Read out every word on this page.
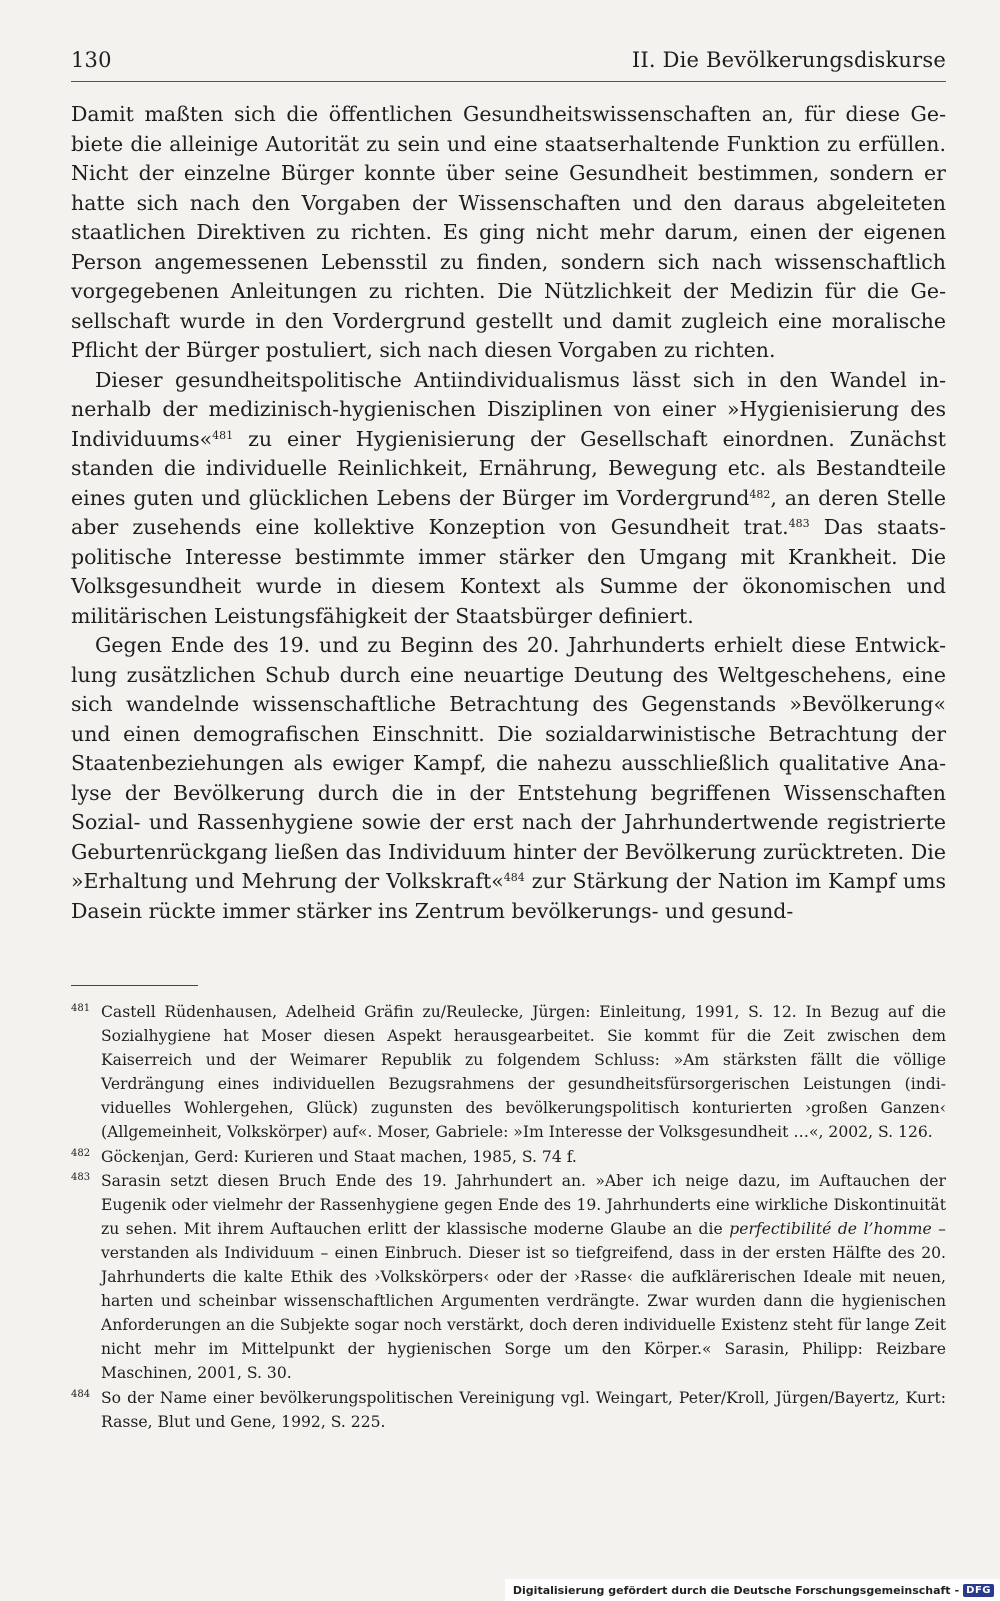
130	II. Die Bevölkerungsdiskurse

Damit maßten sich die öffentlichen Gesundheitswissenschaften an, für diese Gebiete die alleinige Autorität zu sein und eine staatserhaltende Funktion zu erfüllen. Nicht der einzelne Bürger konnte über seine Gesundheit bestimmen, sondern er hatte sich nach den Vorgaben der Wissenschaften und den daraus abgeleiteten staatlichen Direktiven zu richten. Es ging nicht mehr darum, einen der eigenen Person angemessenen Lebensstil zu finden, sondern sich nach wissenschaftlich vorgegebenen Anleitungen zu richten. Die Nützlichkeit der Medizin für die Gesellschaft wurde in den Vordergrund gestellt und damit zugleich eine moralische Pflicht der Bürger postuliert, sich nach diesen Vorgaben zu richten.

Dieser gesundheitspolitische Antiindividualismus lässt sich in den Wandel innerhalb der medizinisch-hygienischen Disziplinen von einer »Hygienisierung des Individuums«$^{481}$ zu einer Hygienisierung der Gesellschaft einordnen. Zunächst standen die individuelle Reinlichkeit, Ernährung, Bewegung etc. als Bestandteile eines guten und glücklichen Lebens der Bürger im Vordergrund$^{482}$, an deren Stelle aber zusehends eine kollektive Konzeption von Gesundheit trat.$^{483}$ Das staatspolitische Interesse bestimmte immer stärker den Umgang mit Krankheit. Die Volksgesundheit wurde in diesem Kontext als Summe der ökonomischen und militärischen Leistungsfähigkeit der Staatsbürger definiert.

Gegen Ende des 19. und zu Beginn des 20. Jahrhunderts erhielt diese Entwicklung zusätzlichen Schub durch eine neuartige Deutung des Weltgeschehens, eine sich wandelnde wissenschaftliche Betrachtung des Gegenstands »Bevölkerung« und einen demografischen Einschnitt. Die sozialdarwinistische Betrachtung der Staatenbeziehungen als ewiger Kampf, die nahezu ausschließlich qualitative Analyse der Bevölkerung durch die in der Entstehung begriffenen Wissenschaften Sozial- und Rassenhygiene sowie der erst nach der Jahrhundertwende registrierte Geburtenrückgang ließen das Individuum hinter der Bevölkerung zurücktreten. Die »Erhaltung und Mehrung der Volkskraft«$^{484}$ zur Stärkung der Nation im Kampf ums Dasein rückte immer stärker ins Zentrum bevölkerungs- und gesund-

481 Castell Rüdenhausen, Adelheid Gräfin zu/Reulecke, Jürgen: Einleitung, 1991, S. 12. In Bezug auf die Sozialhygiene hat Moser diesen Aspekt herausgearbeitet. Sie kommt für die Zeit zwischen dem Kaiserreich und der Weimarer Republik zu folgendem Schluss: »Am stärksten fällt die völlige Verdrängung eines individuellen Bezugsrahmens der gesundheitsfürsorgerischen Leistungen (individuelles Wohlergehen, Glück) zugunsten des bevölkerungspolitisch konturierten ›großen Ganzen‹ (Allgemeinheit, Volkskörper) auf«. Moser, Gabriele: »Im Interesse der Volksgesundheit …«, 2002, S. 126.
482 Göckenjan, Gerd: Kurieren und Staat machen, 1985, S. 74 f.
483 Sarasin setzt diesen Bruch Ende des 19. Jahrhundert an. »Aber ich neige dazu, im Auftauchen der Eugenik oder vielmehr der Rassenhygiene gegen Ende des 19. Jahrhunderts eine wirkliche Diskontinuität zu sehen. Mit ihrem Auftauchen erlitt der klassische moderne Glaube an die perfectibilité de l’homme – verstanden als Individuum – einen Einbruch. Dieser ist so tiefgreifend, dass in der ersten Hälfte des 20. Jahrhunderts die kalte Ethik des ›Volkskörpers‹ oder der ›Rasse‹ die aufklärerischen Ideale mit neuen, harten und scheinbar wissenschaftlichen Argumenten verdrängte. Zwar wurden dann die hygienischen Anforderungen an die Subjekte sogar noch verstärkt, doch deren individuelle Existenz steht für lange Zeit nicht mehr im Mittelpunkt der hygienischen Sorge um den Körper.« Sarasin, Philipp: Reizbare Maschinen, 2001, S. 30.
484 So der Name einer bevölkerungspolitischen Vereinigung vgl. Weingart, Peter/Kroll, Jürgen/Bayertz, Kurt: Rasse, Blut und Gene, 1992, S. 225.
Digitalisierung gefördert durch die Deutsche Forschungsgemeinschaft - DFG
